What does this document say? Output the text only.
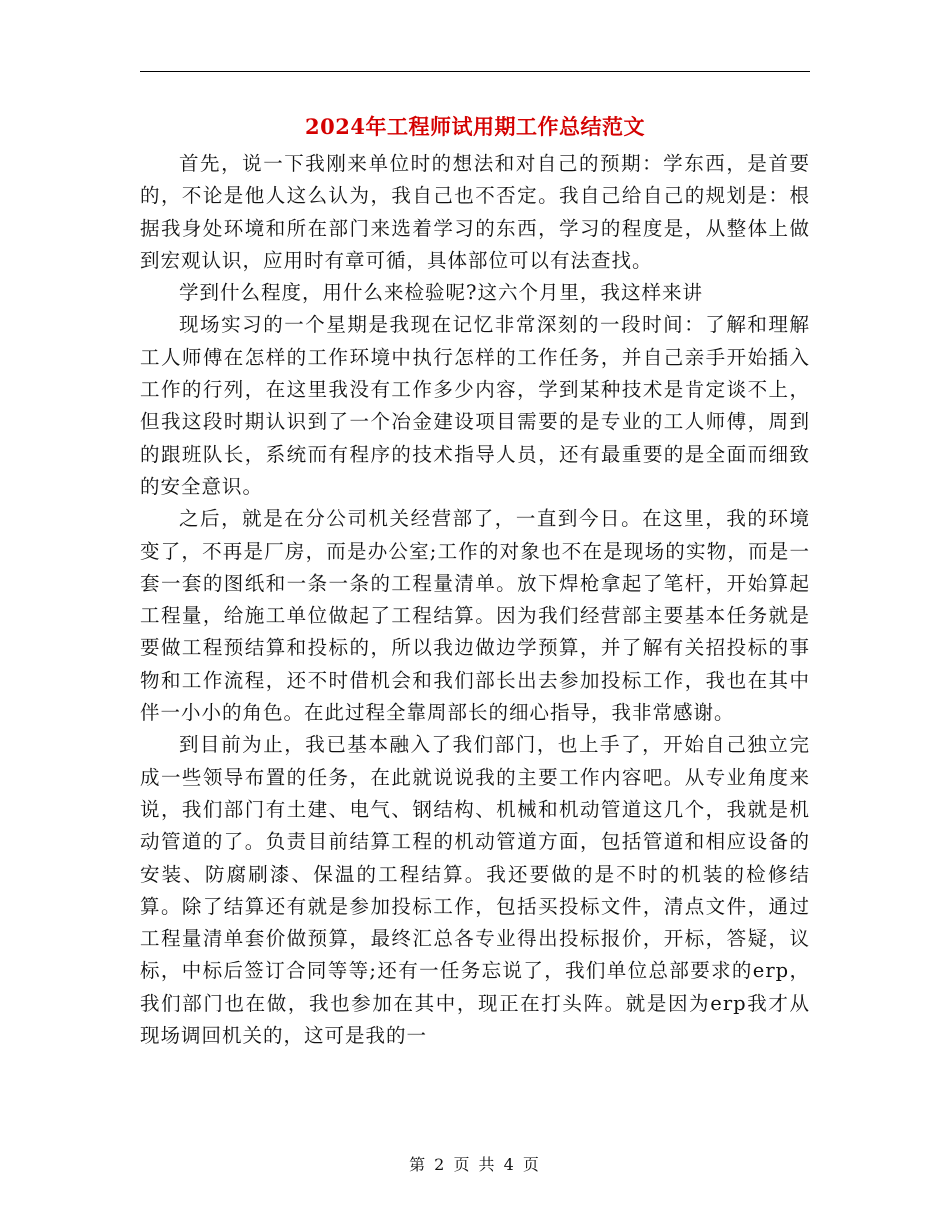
2024年工程师试用期工作总结范文

首先，说一下我刚来单位时的想法和对自己的预期：学东西，是首要的，不论是他人这么认为，我自己也不否定。我自己给自己的规划是：根据我身处环境和所在部门来选着学习的东西，学习的程度是，从整体上做到宏观认识，应用时有章可循，具体部位可以有法查找。

学到什么程度，用什么来检验呢?这六个月里，我这样来讲

现场实习的一个星期是我现在记忆非常深刻的一段时间：了解和理解工人师傅在怎样的工作环境中执行怎样的工作任务，并自己亲手开始插入工作的行列，在这里我没有工作多少内容，学到某种技术是肯定谈不上，但我这段时期认识到了一个冶金建设项目需要的是专业的工人师傅，周到的跟班队长，系统而有程序的技术指导人员，还有最重要的是全面而细致的安全意识。

之后，就是在分公司机关经营部了，一直到今日。在这里，我的环境变了，不再是厂房，而是办公室;工作的对象也不在是现场的实物，而是一套一套的图纸和一条一条的工程量清单。放下焊枪拿起了笔杆，开始算起工程量，给施工单位做起了工程结算。因为我们经营部主要基本任务就是要做工程预结算和投标的，所以我边做边学预算，并了解有关招投标的事物和工作流程，还不时借机会和我们部长出去参加投标工作，我也在其中伴一小小的角色。在此过程全靠周部长的细心指导，我非常感谢。

到目前为止，我已基本融入了我们部门，也上手了，开始自己独立完成一些领导布置的任务，在此就说说我的主要工作内容吧。从专业角度来说，我们部门有土建、电气、钢结构、机械和机动管道这几个，我就是机动管道的了。负责目前结算工程的机动管道方面，包括管道和相应设备的安装、防腐刷漆、保温的工程结算。我还要做的是不时的机装的检修结算。除了结算还有就是参加投标工作，包括买投标文件，清点文件，通过工程量清单套价做预算，最终汇总各专业得出投标报价，开标，答疑，议标，中标后签订合同等等;还有一任务忘说了，我们单位总部要求的erp，我们部门也在做，我也参加在其中，现正在打头阵。就是因为erp我才从现场调回机关的，这可是我的一

第 2 页 共 4 页
